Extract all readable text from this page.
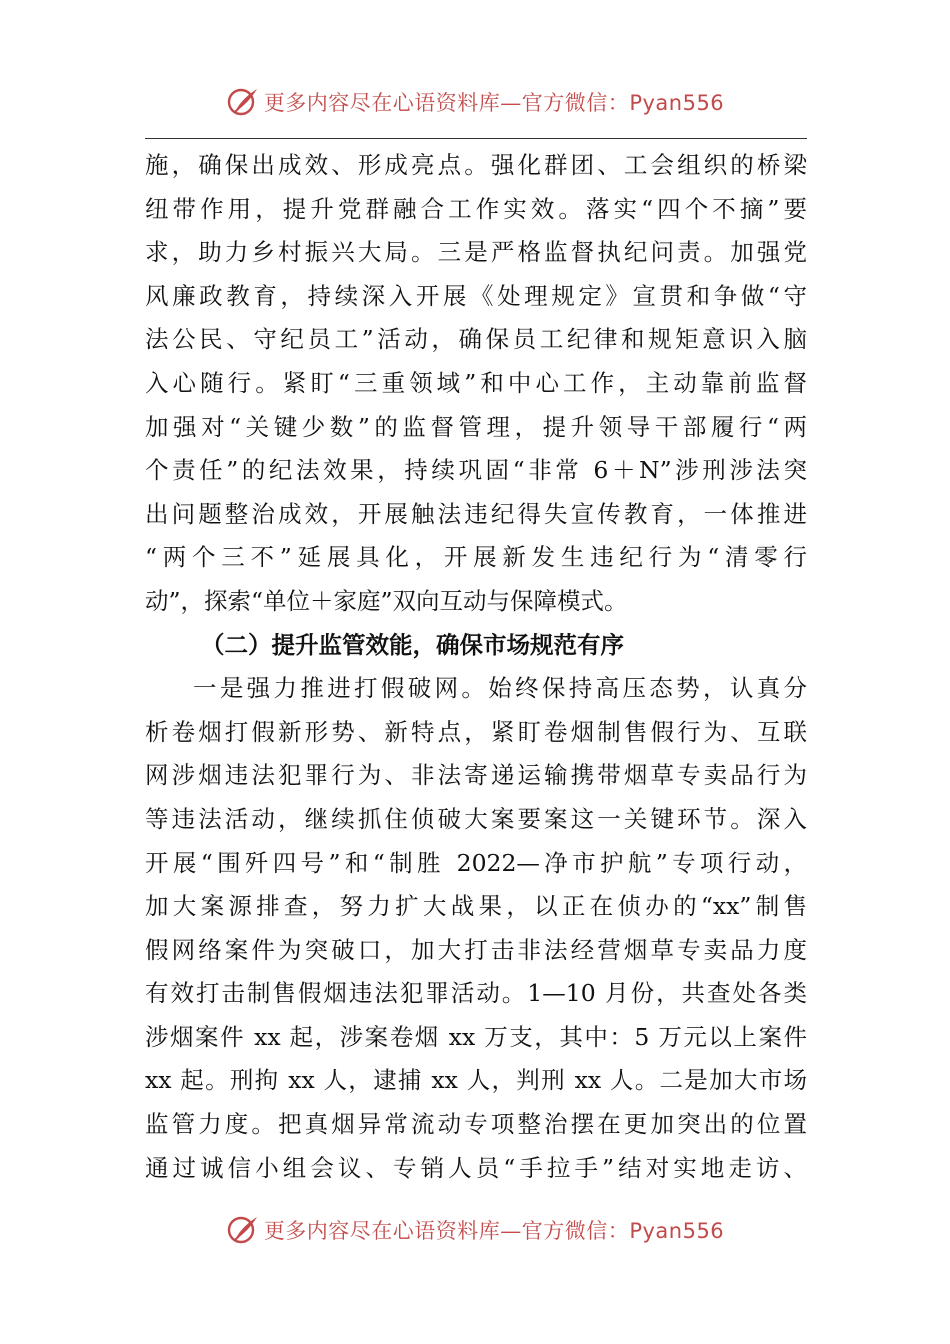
更多内容尽在心语资料库—官方微信：Pyan556
施，确保出成效、形成亮点。强化群团、工会组织的桥梁
纽带作用，提升党群融合工作实效。落实“四个不摘”要
求，助力乡村振兴大局。三是严格监督执纪问责。加强党
风廉政教育，持续深入开展《处理规定》宣贯和争做“守
法公民、守纪员工”活动，确保员工纪律和规矩意识入脑
入心随行。紧盯“三重领域”和中心工作，主动靠前监督
加强对“关键少数”的监督管理，提升领导干部履行“两
个责任”的纪法效果，持续巩固“非常 6＋N”涉刑涉法突
出问题整治成效，开展触法违纪得失宣传教育，一体推进
“两个三不”延展具化，开展新发生违纪行为“清零行
动”，探索“单位＋家庭”双向互动与保障模式。
（二）提升监管效能，确保市场规范有序
一是强力推进打假破网。始终保持高压态势，认真分
析卷烟打假新形势、新特点，紧盯卷烟制售假行为、互联
网涉烟违法犯罪行为、非法寄递运输携带烟草专卖品行为
等违法活动，继续抓住侦破大案要案这一关键环节。深入
开展“围歼四号”和“制胜 2022—净市护航”专项行动，
加大案源排查，努力扩大战果，以正在侦办的“xx”制售
假网络案件为突破口，加大打击非法经营烟草专卖品力度
有效打击制售假烟违法犯罪活动。1—10 月份，共查处各类
涉烟案件 xx 起，涉案卷烟 xx 万支，其中：5 万元以上案件
xx 起。刑拘 xx 人，逮捕 xx 人，判刑 xx 人。二是加大市场
监管力度。把真烟异常流动专项整治摆在更加突出的位置
通过诚信小组会议、专销人员“手拉手”结对实地走访、
更多内容尽在心语资料库—官方微信：Pyan556
